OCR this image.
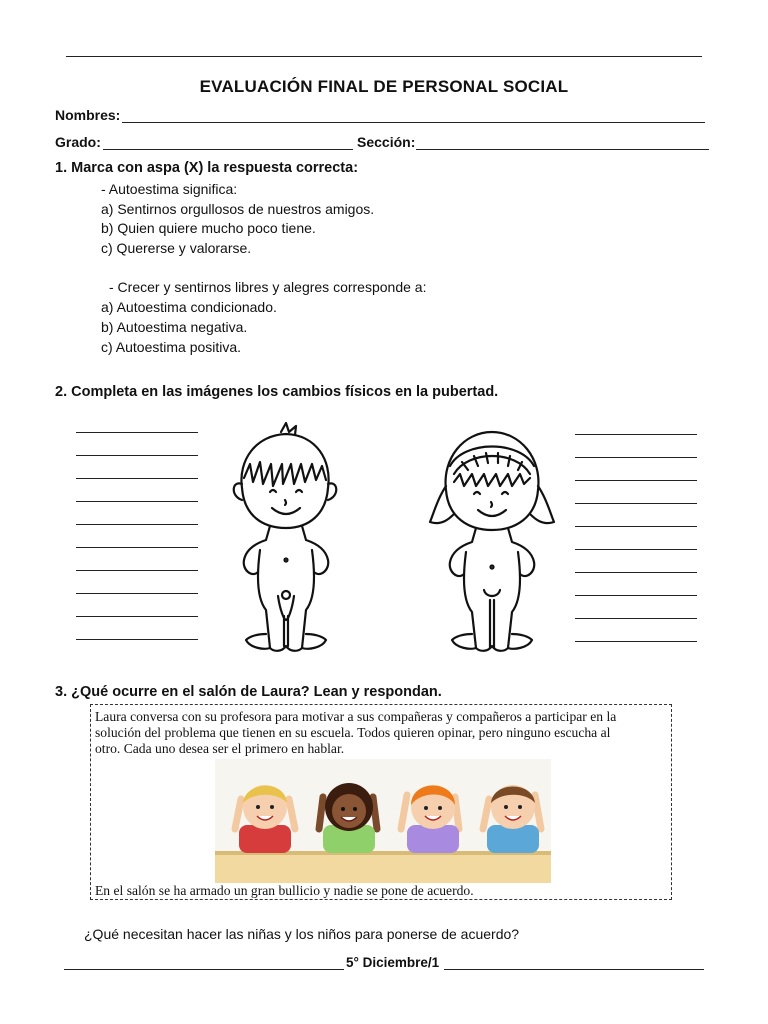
EVALUACIÓN FINAL DE PERSONAL SOCIAL
Nombres:
Grado:	Sección:
1. Marca con aspa (X) la respuesta correcta:
- Autoestima significa:
a) Sentirnos orgullosos de nuestros amigos.
b) Quien quiere mucho poco tiene.
c) Quererse y valorarse.
- Crecer y sentirnos libres y alegres corresponde a:
a) Autoestima condicionado.
b) Autoestima negativa.
c) Autoestima positiva.
2. Completa en las imágenes los cambios físicos en la pubertad.
3. ¿Qué ocurre en el salón de Laura? Lean y respondan.
Laura conversa con su profesora para motivar a sus compañeras y compañeros a participar en la
solución del problema que tienen en su escuela. Todos quieren opinar, pero ninguno escucha al
otro. Cada uno desea ser el primero en hablar.
En el salón se ha armado un gran bullicio y nadie se pone de acuerdo.
¿Qué necesitan hacer las niñas y los niños para ponerse de acuerdo?
5° Diciembre/1
